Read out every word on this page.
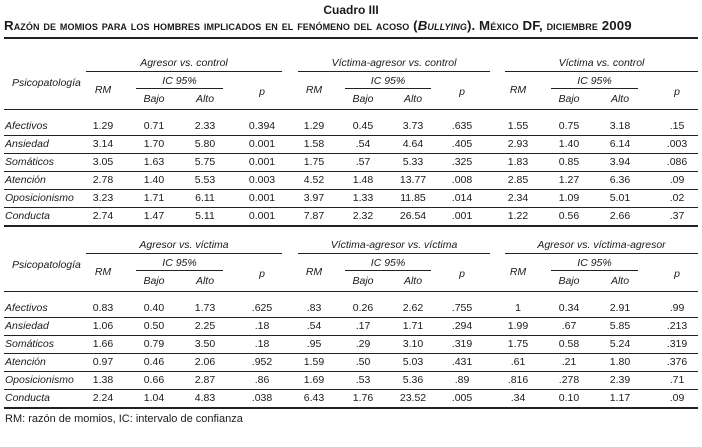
Cuadro III
Razón de momios para los hombres implicados en el fenómeno del acoso (Bullying). México DF, diciembre 2009
Agresor vs. control
IC 95%
Bajo	Alto
RM	p
Víctima-agresor vs. control
IC 95%
Bajo	Alto
RM	p
Víctima vs. control
IC 95%
Bajo	Alto
RM	p
Psicopatología
Afectivos	1.29	0.71	2.33	0.394	1.29	0.45	3.73	.635	1.55	0.75	3.18	.15
Ansiedad	3.14	1.70	5.80	0.001	1.58	.54	4.64	.405	2.93	1.40	6.14	.003
Somáticos	3.05	1.63	5.75	0.001	1.75	.57	5.33	.325	1.83	0.85	3.94	.086
Atención	2.78	1.40	5.53	0.003	4.52	1.48	13.77	.008	2.85	1.27	6.36	.09
Oposicionismo	3.23	1.71	6.11	0.001	3.97	1.33	11.85	.014	2.34	1.09	5.01	.02
Conducta	2.74	1.47	5.11	0.001	7.87	2.32	26.54	.001	1.22	0.56	2.66	.37
Agresor vs. víctima
IC 95%
Bajo	Alto
RM	p
Víctima-agresor vs. víctima
IC 95%
Bajo	Alto
RM	p
Agresor vs. víctima-agresor
IC 95%
Bajo	Alto
RM	p
Psicopatología
Afectivos	0.83	0.40	1.73	.625	.83	0.26	2.62	.755	1	0.34	2.91	.99
Ansiedad	1.06	0.50	2.25	.18	.54	.17	1.71	.294	1.99	.67	5.85	.213
Somáticos	1.66	0.79	3.50	.18	.95	.29	3.10	.319	1.75	0.58	5.24	.319
Atención	0.97	0.46	2.06	.952	1.59	.50	5.03	.431	.61	.21	1.80	.376
Oposicionismo	1.38	0.66	2.87	.86	1.69	.53	5.36	.89	.816	.278	2.39	.71
Conducta	2.24	1.04	4.83	.038	6.43	1.76	23.52	.005	.34	0.10	1.17	.09
RM: razón de momios, IC: intervalo de confianza
